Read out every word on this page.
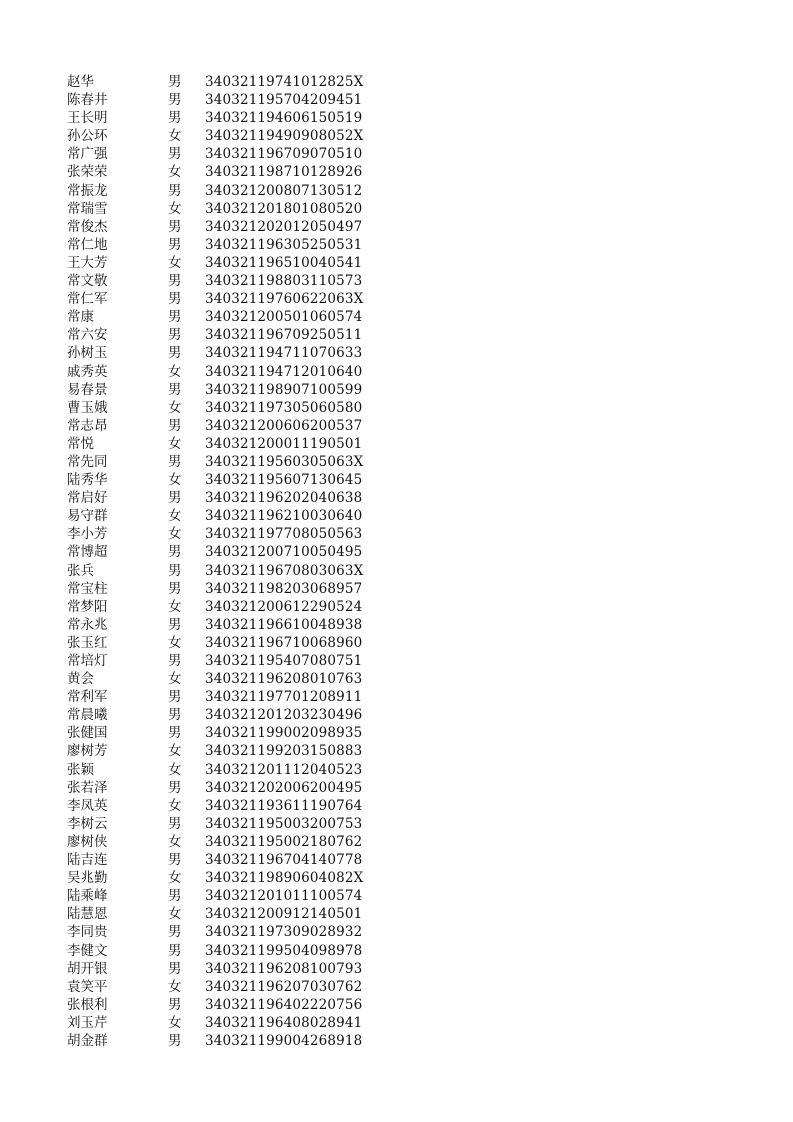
赵华	男 34032119741012825X
陈春井	男 340321195704209451
王长明	男 340321194606150519
孙公环	女 34032119490908052X
常广强	男 340321196709070510
张荣荣	女 340321198710128926
常振龙	男 340321200807130512
常瑞雪	女 340321201801080520
常俊杰	男 340321202012050497
常仁地	男 340321196305250531
王大芳	女 340321196510040541
常文敬	男 340321198803110573
常仁军	男 34032119760622063X
常康	男 340321200501060574
常六安	男 340321196709250511
孙树玉	男 340321194711070633
戚秀英	女 340321194712010640
易春景	男 340321198907100599
曹玉娥	女 340321197305060580
常志昂	男 340321200606200537
常悦	女 340321200011190501
常先同	男 34032119560305063X
陆秀华	女 340321195607130645
常启好	男 340321196202040638
易守群	女 340321196210030640
李小芳	女 340321197708050563
常博超	男 340321200710050495
张兵	男 34032119670803063X
常宝柱	男 340321198203068957
常梦阳	女 340321200612290524
常永兆	男 340321196610048938
张玉红	女 340321196710068960
常培灯	男 340321195407080751
黄会	女 340321196208010763
常利军	男 340321197701208911
常晨曦	男 340321201203230496
张健国	男 340321199002098935
廖树芳	女 340321199203150883
张颖	女 340321201112040523
张若泽	男 340321202006200495
李凤英	女 340321193611190764
李树云	男 340321195003200753
廖树侠	女 340321195002180762
陆吉连	男 340321196704140778
吴兆勤	女 34032119890604082X
陆乘峰	男 340321201011100574
陆慧恩	女 340321200912140501
李同贵	男 340321197309028932
李健文	男 340321199504098978
胡开银	男 340321196208100793
袁笑平	女 340321196207030762
张根利	男 340321196402220756
刘玉芹	女 340321196408028941
胡金群	男 340321199004268918
